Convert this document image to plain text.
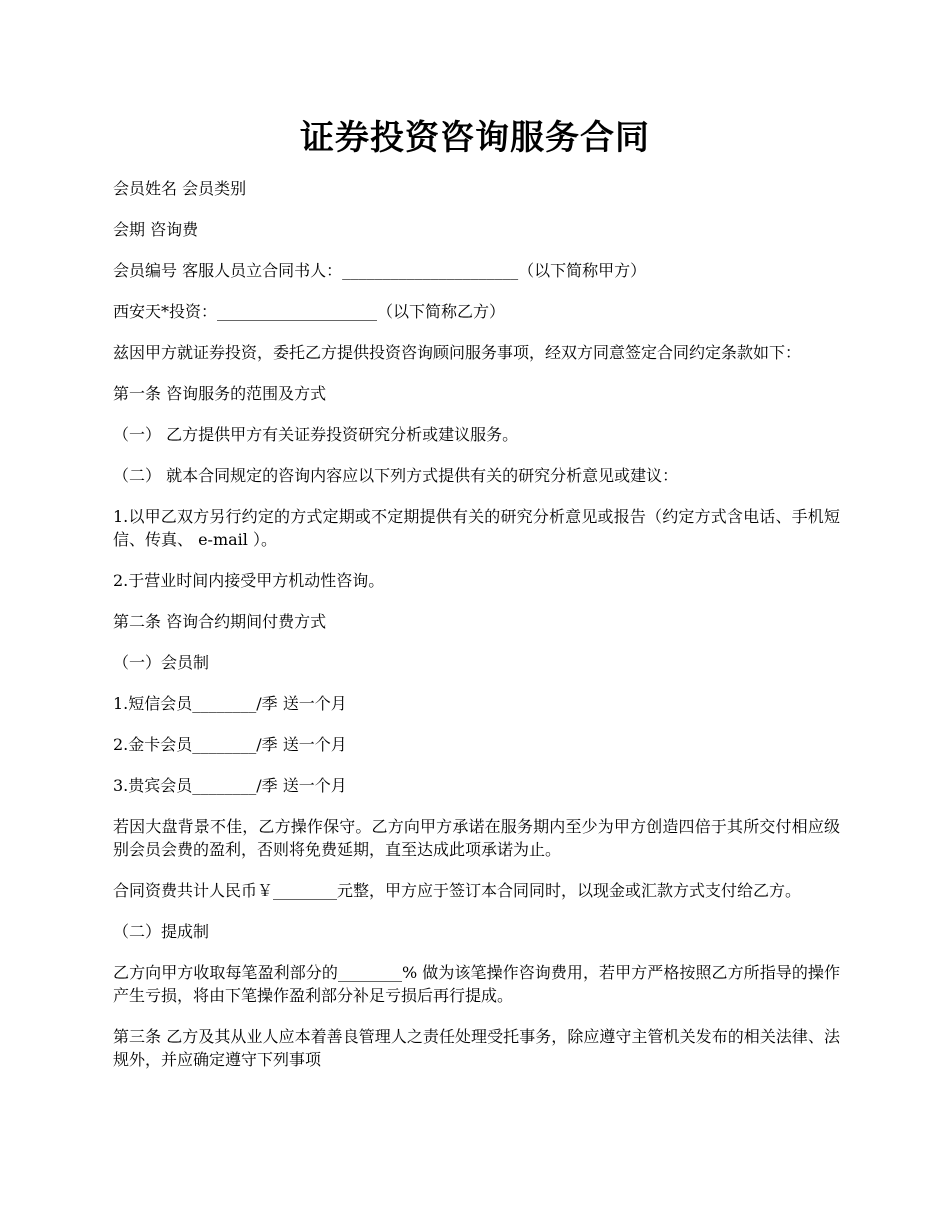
证券投资咨询服务合同

会员姓名 会员类别

会期 咨询费

会员编号 客服人员立合同书人：______________________（以下简称甲方）

西安天*投资：____________________（以下简称乙方）

兹因甲方就证券投资，委托乙方提供投资咨询顾问服务事项，经双方同意签定合同约定条款如下：

第一条 咨询服务的范围及方式

（一） 乙方提供甲方有关证券投资研究分析或建议服务。

（二） 就本合同规定的咨询内容应以下列方式提供有关的研究分析意见或建议：

1.以甲乙双方另行约定的方式定期或不定期提供有关的研究分析意见或报告（约定方式含电话、手机短信、传真、 e-mail ）。

2.于营业时间内接受甲方机动性咨询。

第二条 咨询合约期间付费方式

（一）会员制

1.短信会员________/季 送一个月

2.金卡会员________/季 送一个月

3.贵宾会员________/季 送一个月

若因大盘背景不佳，乙方操作保守。乙方向甲方承诺在服务期内至少为甲方创造四倍于其所交付相应级别会员会费的盈利，否则将免费延期，直至达成此项承诺为止。

合同资费共计人民币￥________元整，甲方应于签订本合同同时，以现金或汇款方式支付给乙方。

（二）提成制

乙方向甲方收取每笔盈利部分的________% 做为该笔操作咨询费用，若甲方严格按照乙方所指导的操作产生亏损，将由下笔操作盈利部分补足亏损后再行提成。

第三条 乙方及其从业人应本着善良管理人之责任处理受托事务，除应遵守主管机关发布的相关法律、法规外，并应确定遵守下列事项
